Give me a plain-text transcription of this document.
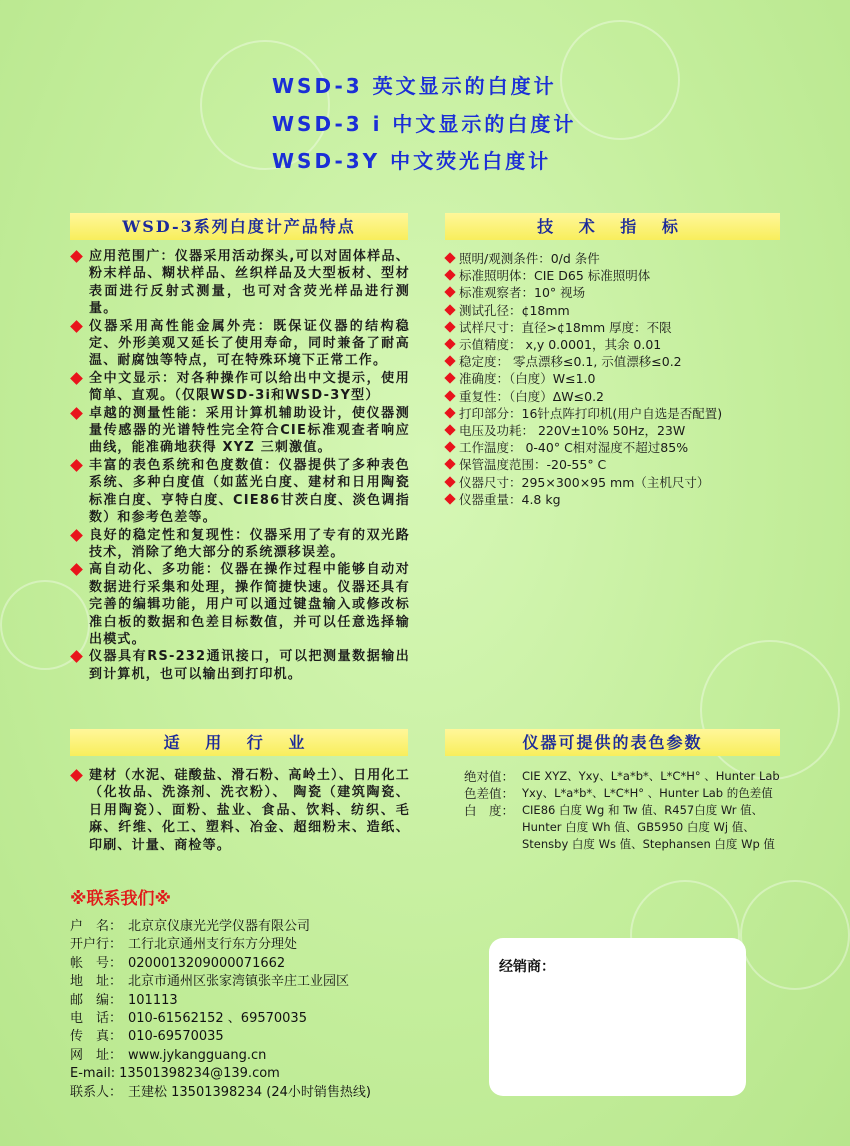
WSD-3 英文显示的白度计
WSD-3 i 中文显示的白度计
WSD-3Y 中文荧光白度计
WSD-3系列白度计产品特点	技 术 指 标
适 用 行 业	仪器可提供的表色参数
应用范围广：仪器采用活动探头,可以对固体样品、粉末样品、糊状样品、丝织样品及大型板材、型材表面进行反射式测量，也可对含荧光样品进行测量。
仪器采用高性能金属外壳：既保证仪器的结构稳定、外形美观又延长了使用寿命，同时兼备了耐高温、耐腐蚀等特点，可在特殊环境下正常工作。
全中文显示：对各种操作可以给出中文提示，使用简单、直观。（仅限WSD-3i和WSD-3Y型）
卓越的测量性能：采用计算机辅助设计，使仪器测量传感器的光谱特性完全符合CIE标准观查者响应曲线，能准确地获得 XYZ 三刺激值。
丰富的表色系统和色度数值：仪器提供了多种表色系统、多种白度值（如蓝光白度、建材和日用陶瓷标准白度、亨特白度、CIE86甘茨白度、淡色调指数）和参考色差等。
良好的稳定性和复现性：仪器采用了专有的双光路技术，消除了绝大部分的系统漂移误差。
高自动化、多功能：仪器在操作过程中能够自动对数据进行采集和处理，操作简捷快速。仪器还具有完善的编辑功能，用户可以通过键盘输入或修改标准白板的数据和色差目标数值，并可以任意选择输出模式。
仪器具有RS-232通讯接口，可以把测量数据输出到计算机，也可以输出到打印机。
照明/观测条件：0/d 条件
标准照明体：CIE D65 标准照明体
标准观察者：10° 视场
测试孔径：¢18mm
试样尺寸：直径>¢18mm 厚度：不限
示值精度： x,y 0.0001，其余 0.01
稳定度： 零点漂移≤0.1, 示值漂移≤0.2
准确度：（白度）W≤1.0
重复性：（白度）ΔW≤0.2
打印部分：16针点阵打印机(用户自选是否配置)
电压及功耗： 220V±10% 50Hz，23W
工作温度： 0-40° C相对湿度不超过85%
保管温度范围：-20-55° C
仪器尺寸：295×300×95 mm（主机尺寸）
仪器重量：4.8 kg
建材（水泥、硅酸盐、滑石粉、高岭土）、日用化工（化妆品、洗涤剂、洗衣粉）、 陶瓷（建筑陶瓷、日用陶瓷）、面粉、盐业、食品、饮料、纺织、毛麻、纤维、化工、塑料、冶金、超细粉末、造纸、印刷、计量、商检等。
绝对值： CIE XYZ、Yxy、L*a*b*、L*C*H° 、Hunter Lab
色差值： Yxy、L*a*b*、L*C*H° 、Hunter Lab 的色差值
白　度： CIE86 白度 Wg 和 Tw 值、R457白度 Wr 值、
Hunter 白度 Wh 值、GB5950 白度 Wj 值、
Stensby 白度 Ws 值、Stephansen 白度 Wp 值
※联系我们※
户　名： 北京京仪康光光学仪器有限公司
开户行： 工行北京通州支行东方分理处
帐　号： 0200013209000071662
地　址： 北京市通州区张家湾镇张辛庄工业园区
邮　编： 101113
电　话： 010-61562152 、69570035
传　真： 010-69570035
网　址： www.jykangguang.cn
E-mail: 13501398234@139.com
联系人： 王建松 13501398234 (24小时销售热线)
经销商：
